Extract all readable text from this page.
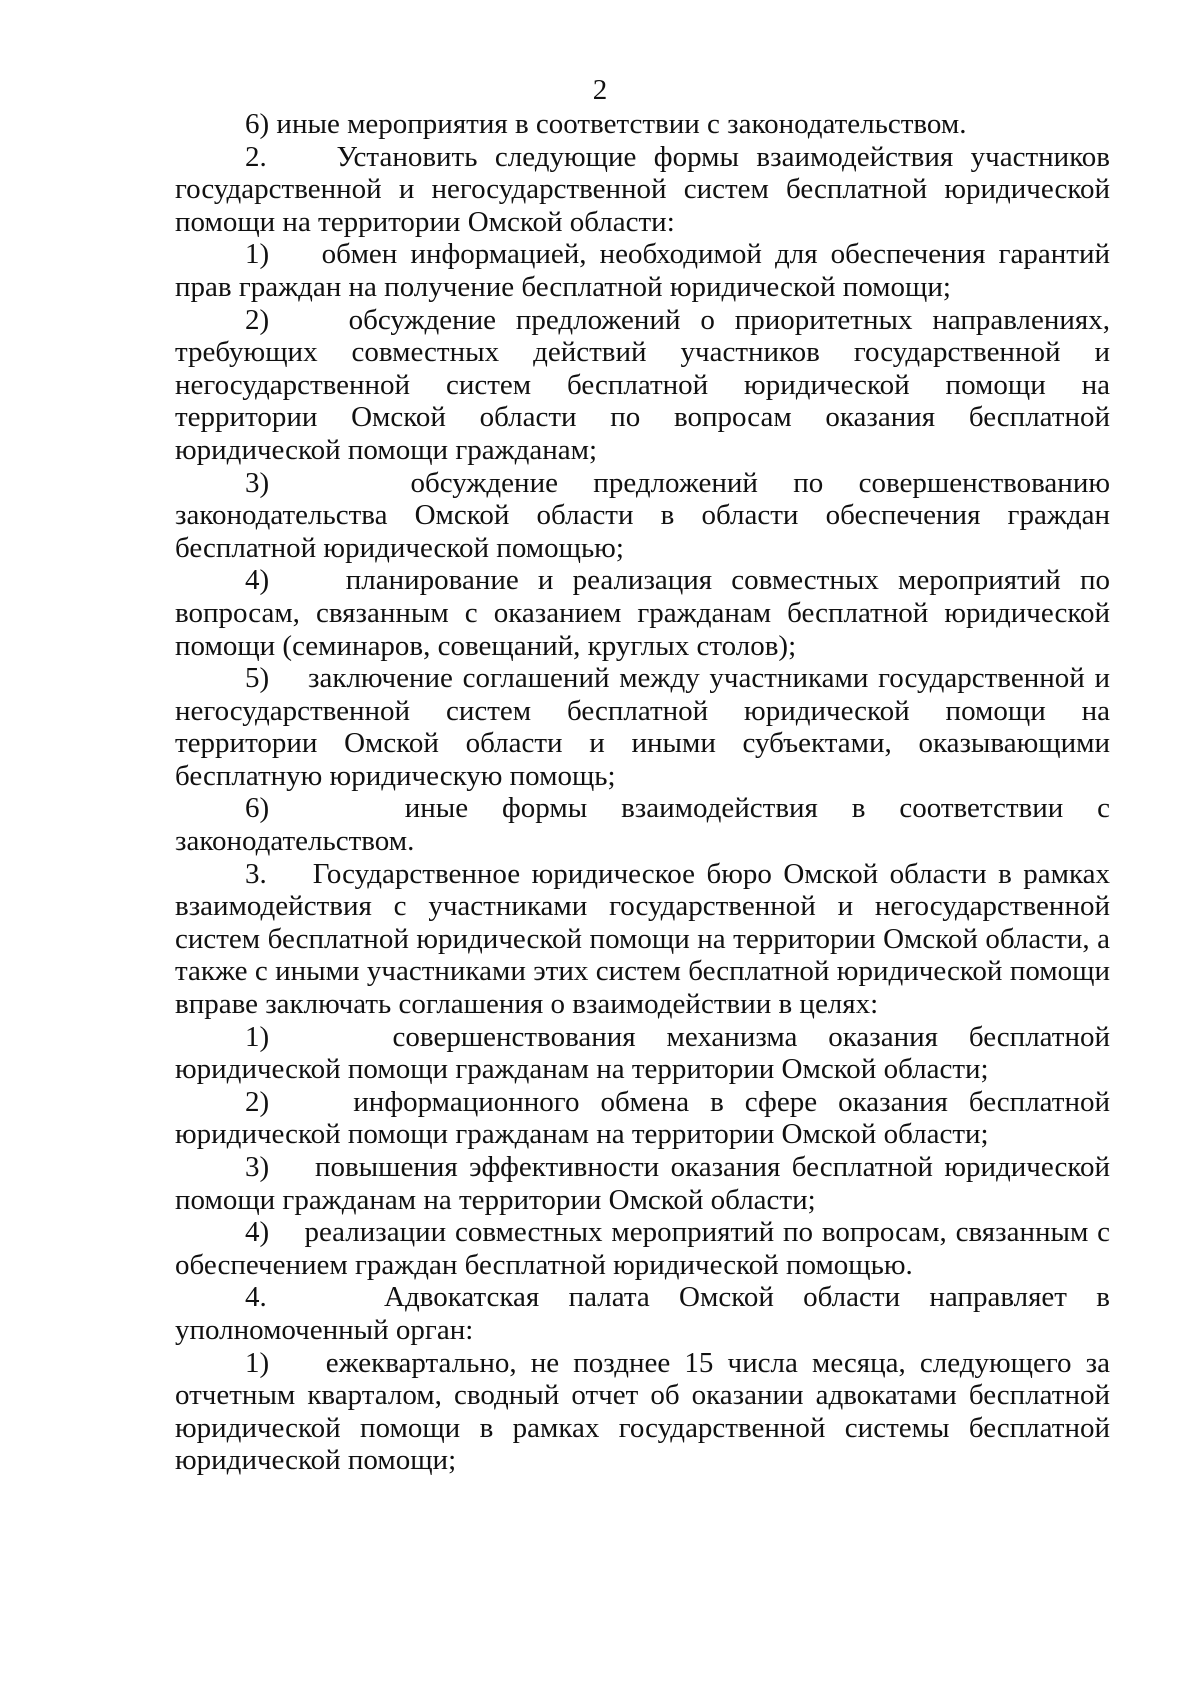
2

6) иные мероприятия в соответствии с законодательством.

2. Установить следующие формы взаимодействия участников государственной и негосударственной систем бесплатной юридической помощи на территории Омской области:

1) обмен информацией, необходимой для обеспечения гарантий прав граждан на получение бесплатной юридической помощи;

2)	обсуждение предложений о приоритетных направлениях, требующих совместных действий участников государственной и негосударственной систем бесплатной юридической помощи на территории Омской области по вопросам оказания бесплатной юридической помощи гражданам;

3)	обсуждение предложений по совершенствованию законодательства Омской области в области обеспечения граждан бесплатной юридической помощью;

4)	планирование и реализация совместных мероприятий по вопросам, связанным с оказанием гражданам бесплатной юридической помощи (семинаров, совещаний, круглых столов);

5) заключение соглашений между участниками государственной и негосударственной систем бесплатной юридической помощи на территории Омской области и иными субъектами, оказывающими бесплатную юридическую помощь;

6)	иные формы взаимодействия в соответствии с законодательством.

3. Государственное юридическое бюро Омской области в рамках взаимодействия с участниками государственной и негосударственной систем бесплатной юридической помощи на территории Омской области, а также с иными участниками этих систем бесплатной юридической помощи вправе заключать соглашения о взаимодействии в целях:

1)	совершенствования механизма оказания бесплатной юридической помощи гражданам на территории Омской области;

2)	информационного обмена в сфере оказания бесплатной юридической помощи гражданам на территории Омской области;

3) повышения эффективности оказания бесплатной юридической помощи гражданам на территории Омской области;

4) реализации совместных мероприятий по вопросам, связанным с обеспечением граждан бесплатной юридической помощью.

4.	Адвокатская палата Омской области направляет в уполномоченный орган:

1) ежеквартально, не позднее 15 числа месяца, следующего за отчетным кварталом, сводный отчет об оказании адвокатами бесплатной юридической помощи в рамках государственной системы бесплатной юридической помощи;
